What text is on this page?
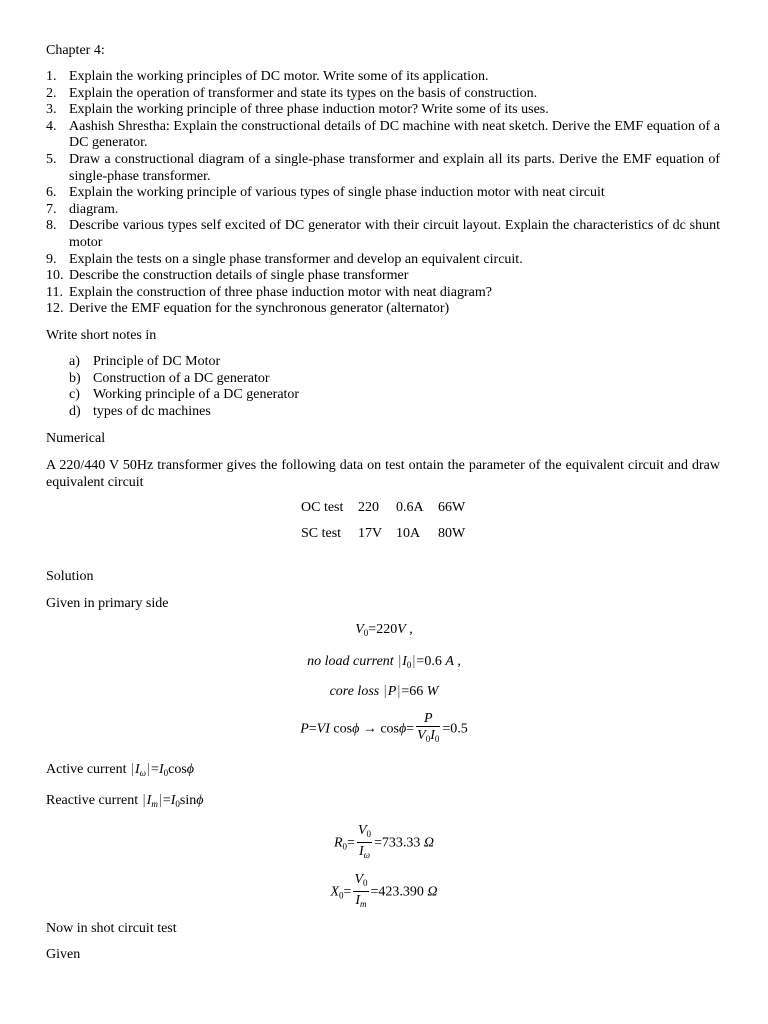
Chapter 4:
1. Explain the working principles of DC motor. Write some of its application.
2. Explain the operation of transformer and state its types on the basis of construction.
3. Explain the working principle of three phase induction motor? Write some of its uses.
4. Aashish Shrestha: Explain the constructional details of DC machine with neat sketch. Derive the EMF equation of a DC generator.
5. Draw a constructional diagram of a single-phase transformer and explain all its parts. Derive the EMF equation of single-phase transformer.
6. Explain the working principle of various types of single phase induction motor with neat circuit
7. diagram.
8. Describe various types self excited of DC generator with their circuit layout. Explain the characteristics of dc shunt motor
9. Explain the tests on a single phase transformer and develop an equivalent circuit.
10. Describe the construction details of single phase transformer
11. Explain the construction of three phase induction motor with neat diagram?
12. Derive the EMF equation for the synchronous generator (alternator)
Write short notes in
a) Principle of DC Motor
b) Construction of a DC generator
c) Working principle of a DC generator
d) types of dc machines
Numerical
A 220/440 V 50Hz transformer gives the following data on test ontain the parameter of the equivalent circuit and draw equivalent circuit
OC test	220	0.6A	66W
SC test	17V	10A	80W
Solution
Given in primary side
$V_0=220V$ ,
no load current $|I_0|=0.6$ A ,
core loss |P|=66 W
P=VI $\cos\phi \to \cos\phi= \frac{P}{V_0I_0} =0.5$
Active current $|I_\omega|=I_0\cos\phi$
Reactive current $|I_m|=I_0\sin\phi$
$R_0= \frac{V_0}{I_\omega} =733.33$ Ω
$X_0= \frac{V_0}{I_m} =423.390$ Ω
Now in shot circuit test
Given
